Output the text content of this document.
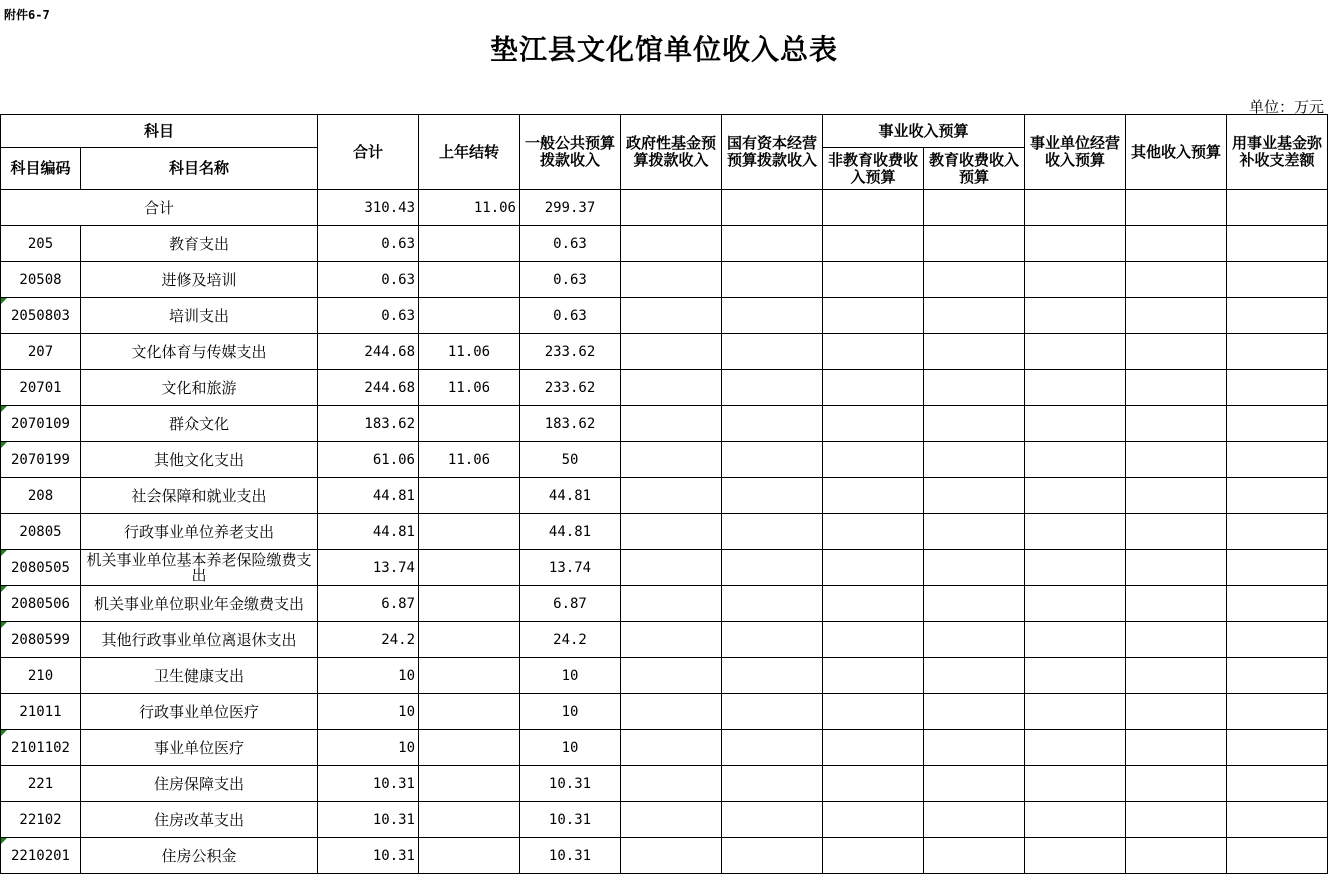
附件6-7
垫江县文化馆单位收入总表
单位：万元
科目		合计	上年结转	一般公共预算拨款收入	政府性基金预算拨款收入	国有资本经营预算拨款收入	事业收入预算		事业单位经营收入预算	其他收入预算	用事业基金弥补收支差额
科目编码	科目名称						非教育收费收入预算	教育收费收入预算			
合计		310.43	11.06	299.37							
205	教育支出	0.63		0.63							
20508	进修及培训	0.63		0.63							
2050803	培训支出	0.63		0.63							
207	文化体育与传媒支出	244.68	11.06	233.62							
20701	文化和旅游	244.68	11.06	233.62							
2070109	群众文化	183.62		183.62							
2070199	其他文化支出	61.06	11.06	50							
208	社会保障和就业支出	44.81		44.81							
20805	行政事业单位养老支出	44.81		44.81							
2080505	机关事业单位基本养老保险缴费支出	13.74		13.74							
2080506	机关事业单位职业年金缴费支出	6.87		6.87							
2080599	其他行政事业单位离退休支出	24.2		24.2							
210	卫生健康支出	10		10							
21011	行政事业单位医疗	10		10							
2101102	事业单位医疗	10		10							
221	住房保障支出	10.31		10.31							
22102	住房改革支出	10.31		10.31							
2210201	住房公积金	10.31		10.31							
